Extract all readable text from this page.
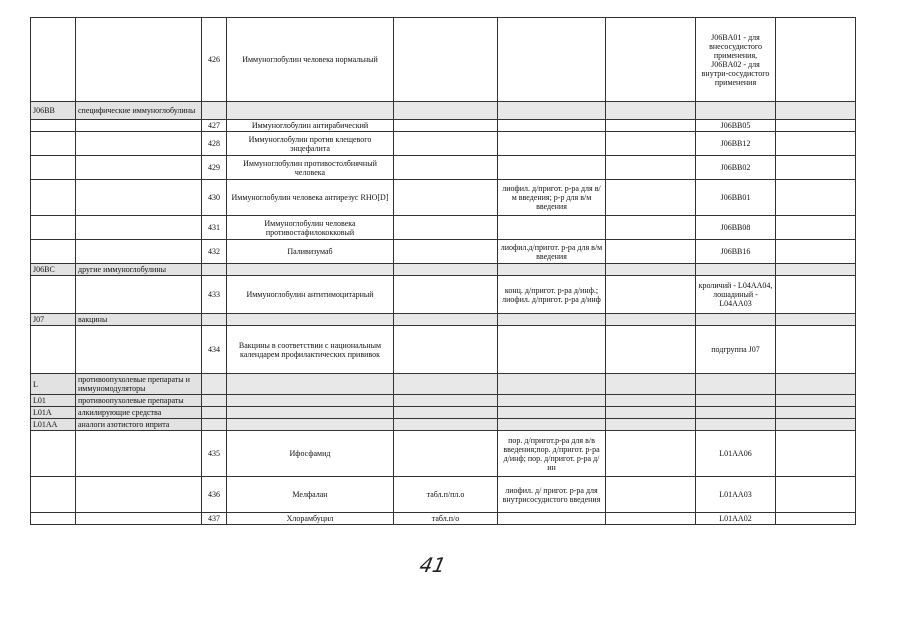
		426	Иммуноглобулин человека нормальный				J06BA01 - для внесосудистого применения, J06BA02 - для внутри-сосудистого применения	
J06BB	специфические иммуноглобулины							
		427	Иммуноглобулин антирабический				J06BB05	
		428	Иммуноглобулин против клещевого энцефалита				J06BB12	
		429	Иммуноглобулин противостолбнячный человека				J06BB02	
		430	Иммуноглобулин человека антирезус RHO[D]		лиофил. д/пригот. р-ра для в/м введения; р-р для в/м введения		J06BB01	
		431	Иммуноглобулин человека противостафилококковый				J06BB08	
		432	Паливизумаб		лиофил.д/пригот. р-ра для в/м введения		J06BB16	
J06BC	другие иммуноглобулины							
		433	Иммуноглобулин антитимоцитарный		конц. д/пригот. р-ра д/инф.; лиофил. д/пригот. р-ра д/инф		кроличий - L04AA04, лошадиный - L04AA03	
J07	вакцины							
		434	Вакцины в соответствии с национальным календарем профилактических прививок				подгруппа J07	
L	противоопухолевые препараты и иммуномодуляторы							
L01	противоопухолевые препараты							
L01A	алкилирующие средства							
L01AA	аналоги азотистого иприта							
		435	Ифосфамид		пор. д/пригот.р-ра для в/в введения;пор. д/пригот. р-ра д/инф; пор. д/пригот. р-ра д/ин		L01AA06	
		436	Мелфалан	табл.п/пл.о	лиофил. д/ пригот. р-ра для внутрисосудистого введения		L01AA03	
		437	Хлорамбуцил	табл.п/о			L01AA02	
41
